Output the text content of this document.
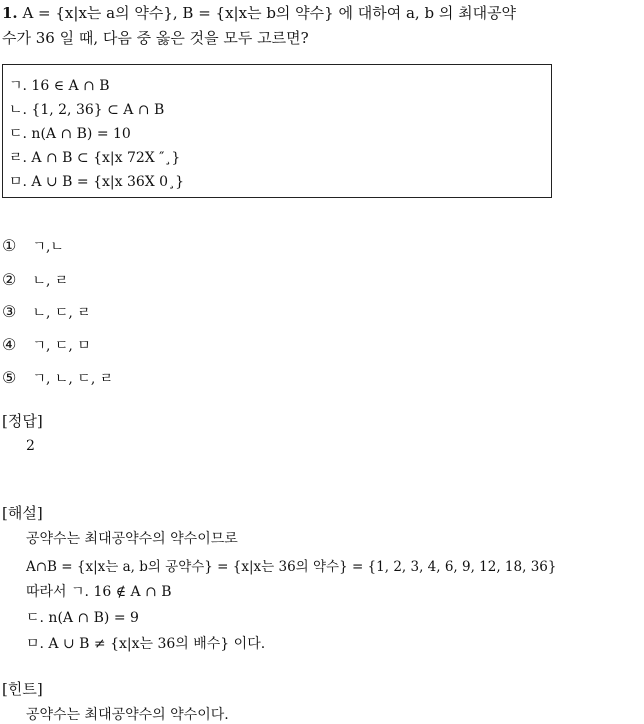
1. A = {x|x는 a의 약수}, B = {x|x는 b의 약수} 에 대하여 a, b 의 최대공약
수가 36 일 때, 다음 중 옳은 것을 모두 고르면?
ㄱ. 16 ∈ A ∩ B
ㄴ. {1, 2, 36} ⊂ A ∩ B
ㄷ. n(A ∩ B) = 10
ㄹ. A ∩ B ⊂ {x|x 72X ″¸}
ㅁ. A ∪ B = {x|x 36X 0¸}
① ㄱ,ㄴ
② ㄴ, ㄹ
③ ㄴ, ㄷ, ㄹ
④ ㄱ, ㄷ, ㅁ
⑤ ㄱ, ㄴ, ㄷ, ㄹ
[정답]
2
[해설]
공약수는 최대공약수의 약수이므로
A∩B = {x|x는 a, b의 공약수} = {x|x는 36의 약수} = {1, 2, 3, 4, 6, 9, 12, 18, 36}
따라서 ㄱ. 16 ∉ A ∩ B
ㄷ. n(A ∩ B) = 9
ㅁ. A ∪ B ≠ {x|x는 36의 배수} 이다.
[힌트]
공약수는 최대공약수의 약수이다.
